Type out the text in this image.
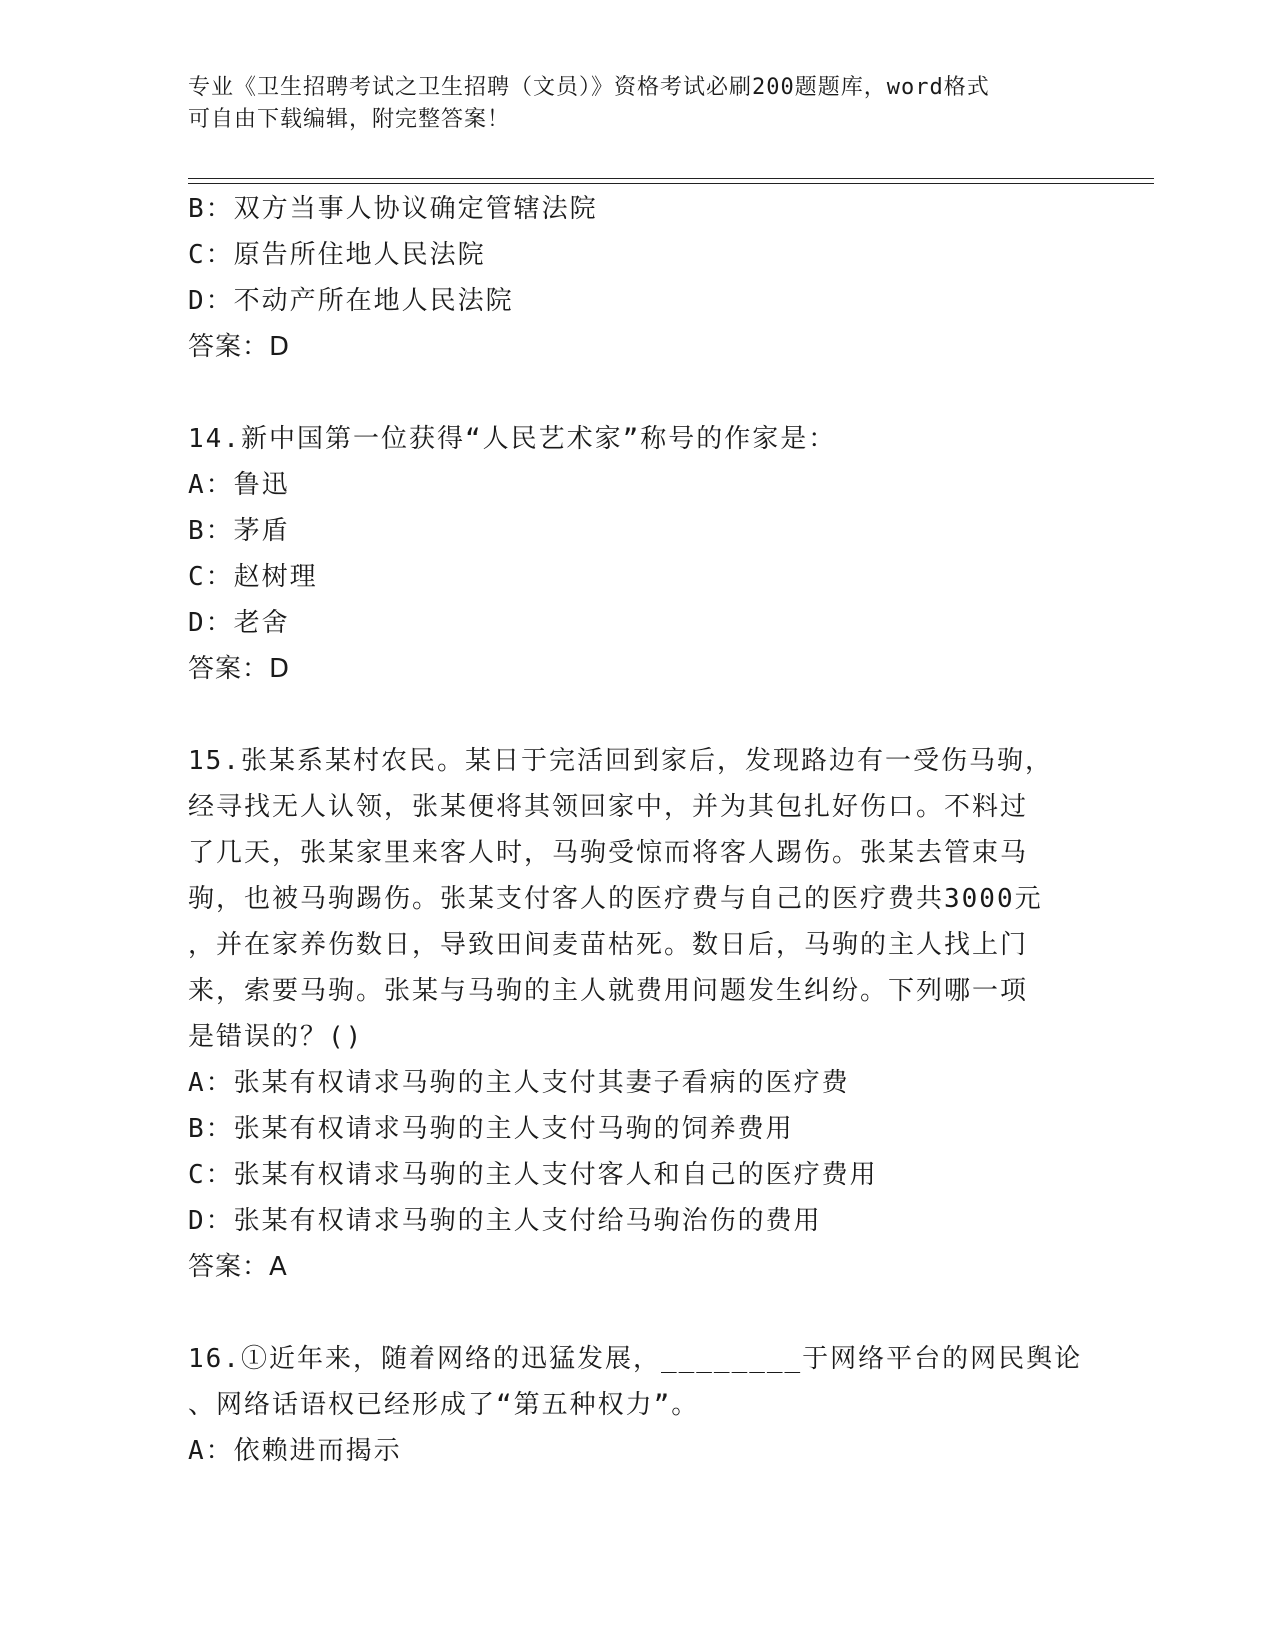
专业《卫生招聘考试之卫生招聘（文员）》资格考试必刷200题题库，word格式
可自由下载编辑，附完整答案！
B：双方当事人协议确定管辖法院
C：原告所住地人民法院
D：不动产所在地人民法院
答案：D
14.新中国第一位获得“人民艺术家”称号的作家是：
A：鲁迅
B：茅盾
C：赵树理
D：老舍
答案：D
15.张某系某村农民。某日于完活回到家后，发现路边有一受伤马驹，
经寻找无人认领，张某便将其领回家中，并为其包扎好伤口。不料过
了几天，张某家里来客人时，马驹受惊而将客人踢伤。张某去管束马
驹，也被马驹踢伤。张某支付客人的医疗费与自己的医疗费共3000元
，并在家养伤数日，导致田间麦苗枯死。数日后，马驹的主人找上门
来，索要马驹。张某与马驹的主人就费用问题发生纠纷。下列哪一项
是错误的？()
A：张某有权请求马驹的主人支付其妻子看病的医疗费
B：张某有权请求马驹的主人支付马驹的饲养费用
C：张某有权请求马驹的主人支付客人和自己的医疗费用
D：张某有权请求马驹的主人支付给马驹治伤的费用
答案：A
16.①近年来，随着网络的迅猛发展，________于网络平台的网民舆论
、网络话语权已经形成了“第五种权力”。
A：依赖进而揭示
